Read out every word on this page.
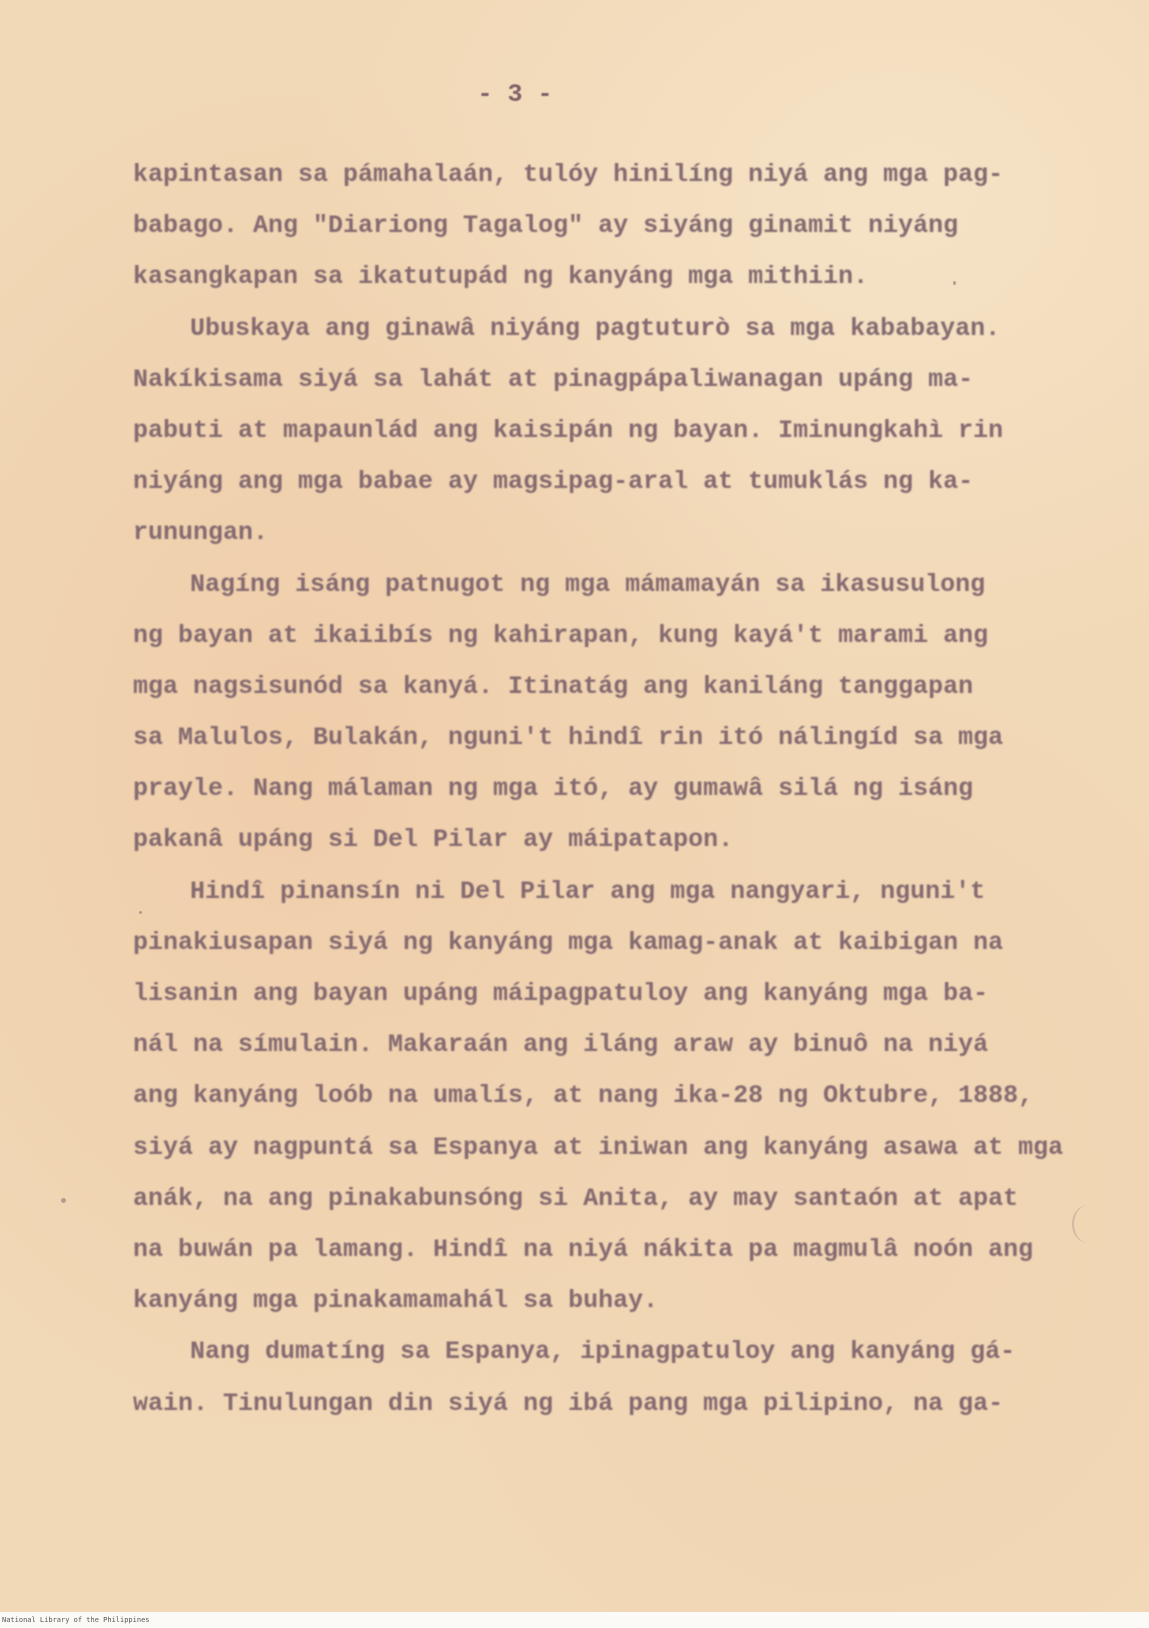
- 3 -
kapintasan sa pámahalaán, tulóy hinilíng niyá ang mga pag-
babago. Ang "Diariong Tagalog" ay siyáng ginamit niyáng
kasangkapan sa ikatutupád ng kanyáng mga mithiin.
Ubuskaya ang ginawâ niyáng pagtuturò sa mga kababayan.
Nakíkisama siyá sa lahát at pinagpápaliwanagan upáng ma-
pabuti at mapaunlád ang kaisipán ng bayan. Iminungkahì rin
niyáng ang mga babae ay magsipag-aral at tumuklás ng ka-
runungan.
Nagíng isáng patnugot ng mga mámamayán sa ikasusulong
ng bayan at ikaiibís ng kahirapan, kung kayá't marami ang
mga nagsisunód sa kanyá. Itinatág ang kaniláng tanggapan
sa Malulos, Bulakán, nguni't hindî rin itó nálingíd sa mga
prayle. Nang málaman ng mga itó, ay gumawâ silá ng isáng
pakanâ upáng si Del Pilar ay máipatapon.
Hindî pinansín ni Del Pilar ang mga nangyari, nguni't
pinakiusapan siyá ng kanyáng mga kamag-anak at kaibigan na
lisanin ang bayan upáng máipagpatuloy ang kanyáng mga ba-
nál na símulain. Makaraán ang iláng araw ay binuô na niyá
ang kanyáng loób na umalís, at nang ika-28 ng Oktubre, 1888,
siyá ay nagpuntá sa Espanya at iniwan ang kanyáng asawa at mga
anák, na ang pinakabunsóng si Anita, ay may santaón at apat
na buwán pa lamang. Hindî na niyá nákita pa magmulâ noón ang
kanyáng mga pinakamamahál sa buhay.
Nang dumatíng sa Espanya, ipinagpatuloy ang kanyáng gá-
wain. Tinulungan din siyá ng ibá pang mga pilipino, na ga-
National Library of the Philippines
